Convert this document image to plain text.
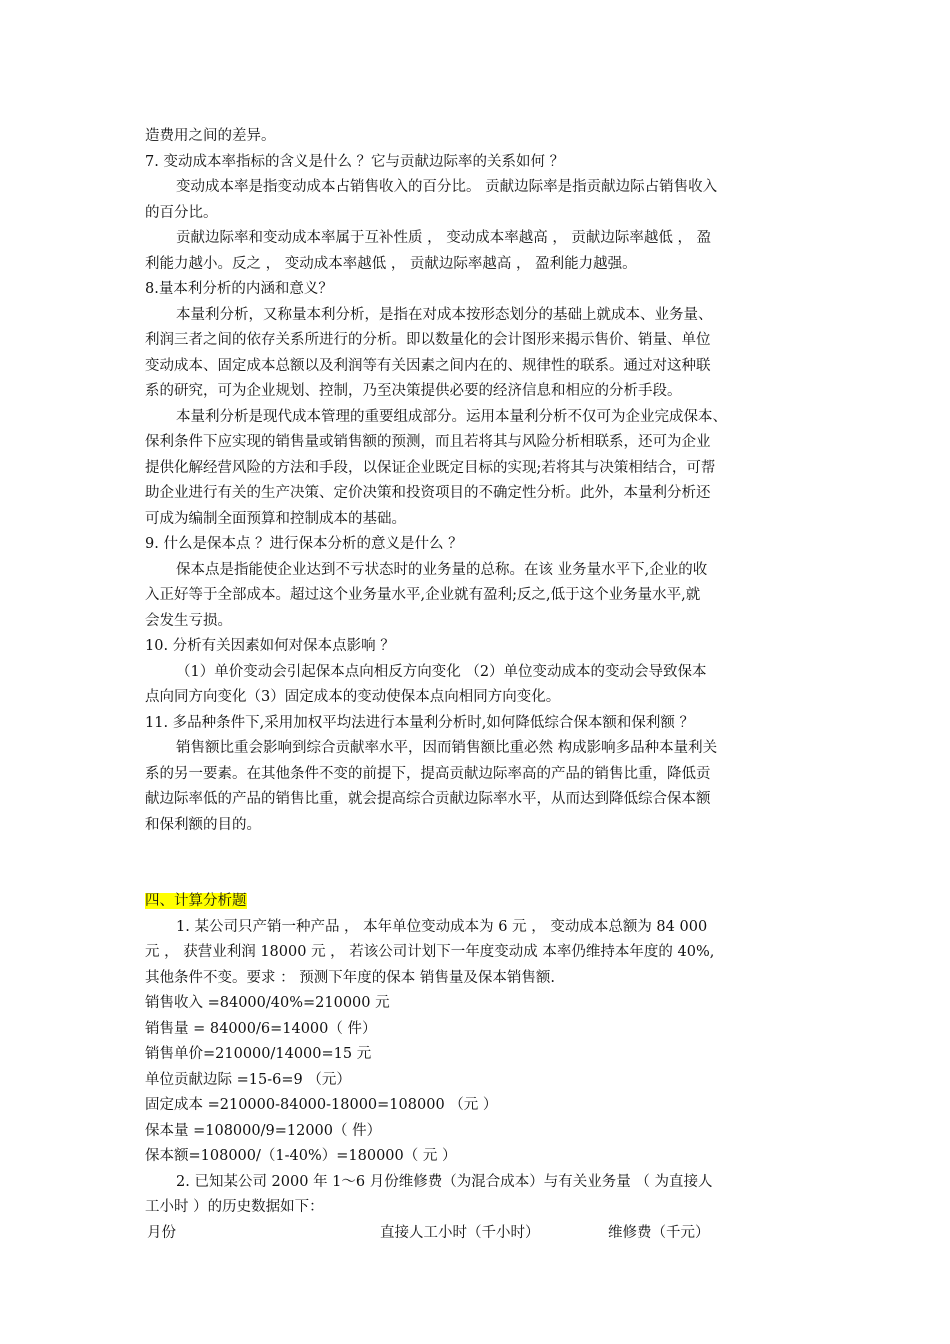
造费用之间的差异。
7. 变动成本率指标的含义是什么 ？它与贡献边际率的关系如何 ？
变动成本率是指变动成本占销售收入的百分比。 贡献边际率是指贡献边际占销售收入
的百分比。
贡献边际率和变动成本率属于互补性质 ， 变动成本率越高 ， 贡献边际率越低 ， 盈
利能力越小。反之 ， 变动成本率越低 ， 贡献边际率越高 ， 盈利能力越强。
8.量本利分析的内涵和意义？
本量利分析，又称量本利分析，是指在对成本按形态划分的基础上就成本、业务量、
利润三者之间的依存关系所进行的分析。即以数量化的会计图形来揭示售价、销量、单位
变动成本、固定成本总额以及利润等有关因素之间内在的、规律性的联系。通过对这种联
系的研究，可为企业规划、控制，乃至决策提供必要的经济信息和相应的分析手段。
本量利分析是现代成本管理的重要组成部分。运用本量利分析不仅可为企业完成保本、
保利条件下应实现的销售量或销售额的预测，而且若将其与风险分析相联系，还可为企业
提供化解经营风险的方法和手段，以保证企业既定目标的实现;若将其与决策相结合，可帮
助企业进行有关的生产决策、定价决策和投资项目的不确定性分析。此外，本量利分析还
可成为编制全面预算和控制成本的基础。
9. 什么是保本点 ？进行保本分析的意义是什么 ？
保本点是指能使企业达到不亏状态时的业务量的总称。在该 业务量水平下,企业的收
入正好等于全部成本。超过这个业务量水平,企业就有盈利;反之,低于这个业务量水平,就
会发生亏损。
10. 分析有关因素如何对保本点影响 ？
（1）单价变动会引起保本点向相反方向变化 （2）单位变动成本的变动会导致保本
点向同方向变化（3）固定成本的变动使保本点向相同方向变化。
11. 多品种条件下,采用加权平均法进行本量利分析时,如何降低综合保本额和保利额 ？
销售额比重会影响到综合贡献率水平，因而销售额比重必然 构成影响多品种本量利关
系的另一要素。在其他条件不变的前提下，提高贡献边际率高的产品的销售比重，降低贡
献边际率低的产品的销售比重，就会提高综合贡献边际率水平，从而达到降低综合保本额
和保利额的目的。
四、计算分析题
1. 某公司只产销一种产品 ， 本年单位变动成本为 6 元 ， 变动成本总额为 84 000
元 ， 获营业利润 18000 元 ， 若该公司计划下一年度变动成 本率仍维持本年度的 40%,
其他条件不变。要求 ： 预测下年度的保本 销售量及保本销售额.
销售收入 =84000/40%=210000 元
销售量 = 84000/6=14000（ 件）
销售单价=210000/14000=15 元
单位贡献边际 =15-6=9 （元）
固定成本 =210000-84000-18000=108000 （元 ）
保本量 =108000/9=12000（ 件）
保本额=108000/（1-40%）=180000（ 元 ）
2. 已知某公司 2000 年 1～6 月份维修费（为混合成本）与有关业务量 （ 为直接人
工小时 ）的历史数据如下：
月份	直接人工小时（千小时）	维修费（千元）
